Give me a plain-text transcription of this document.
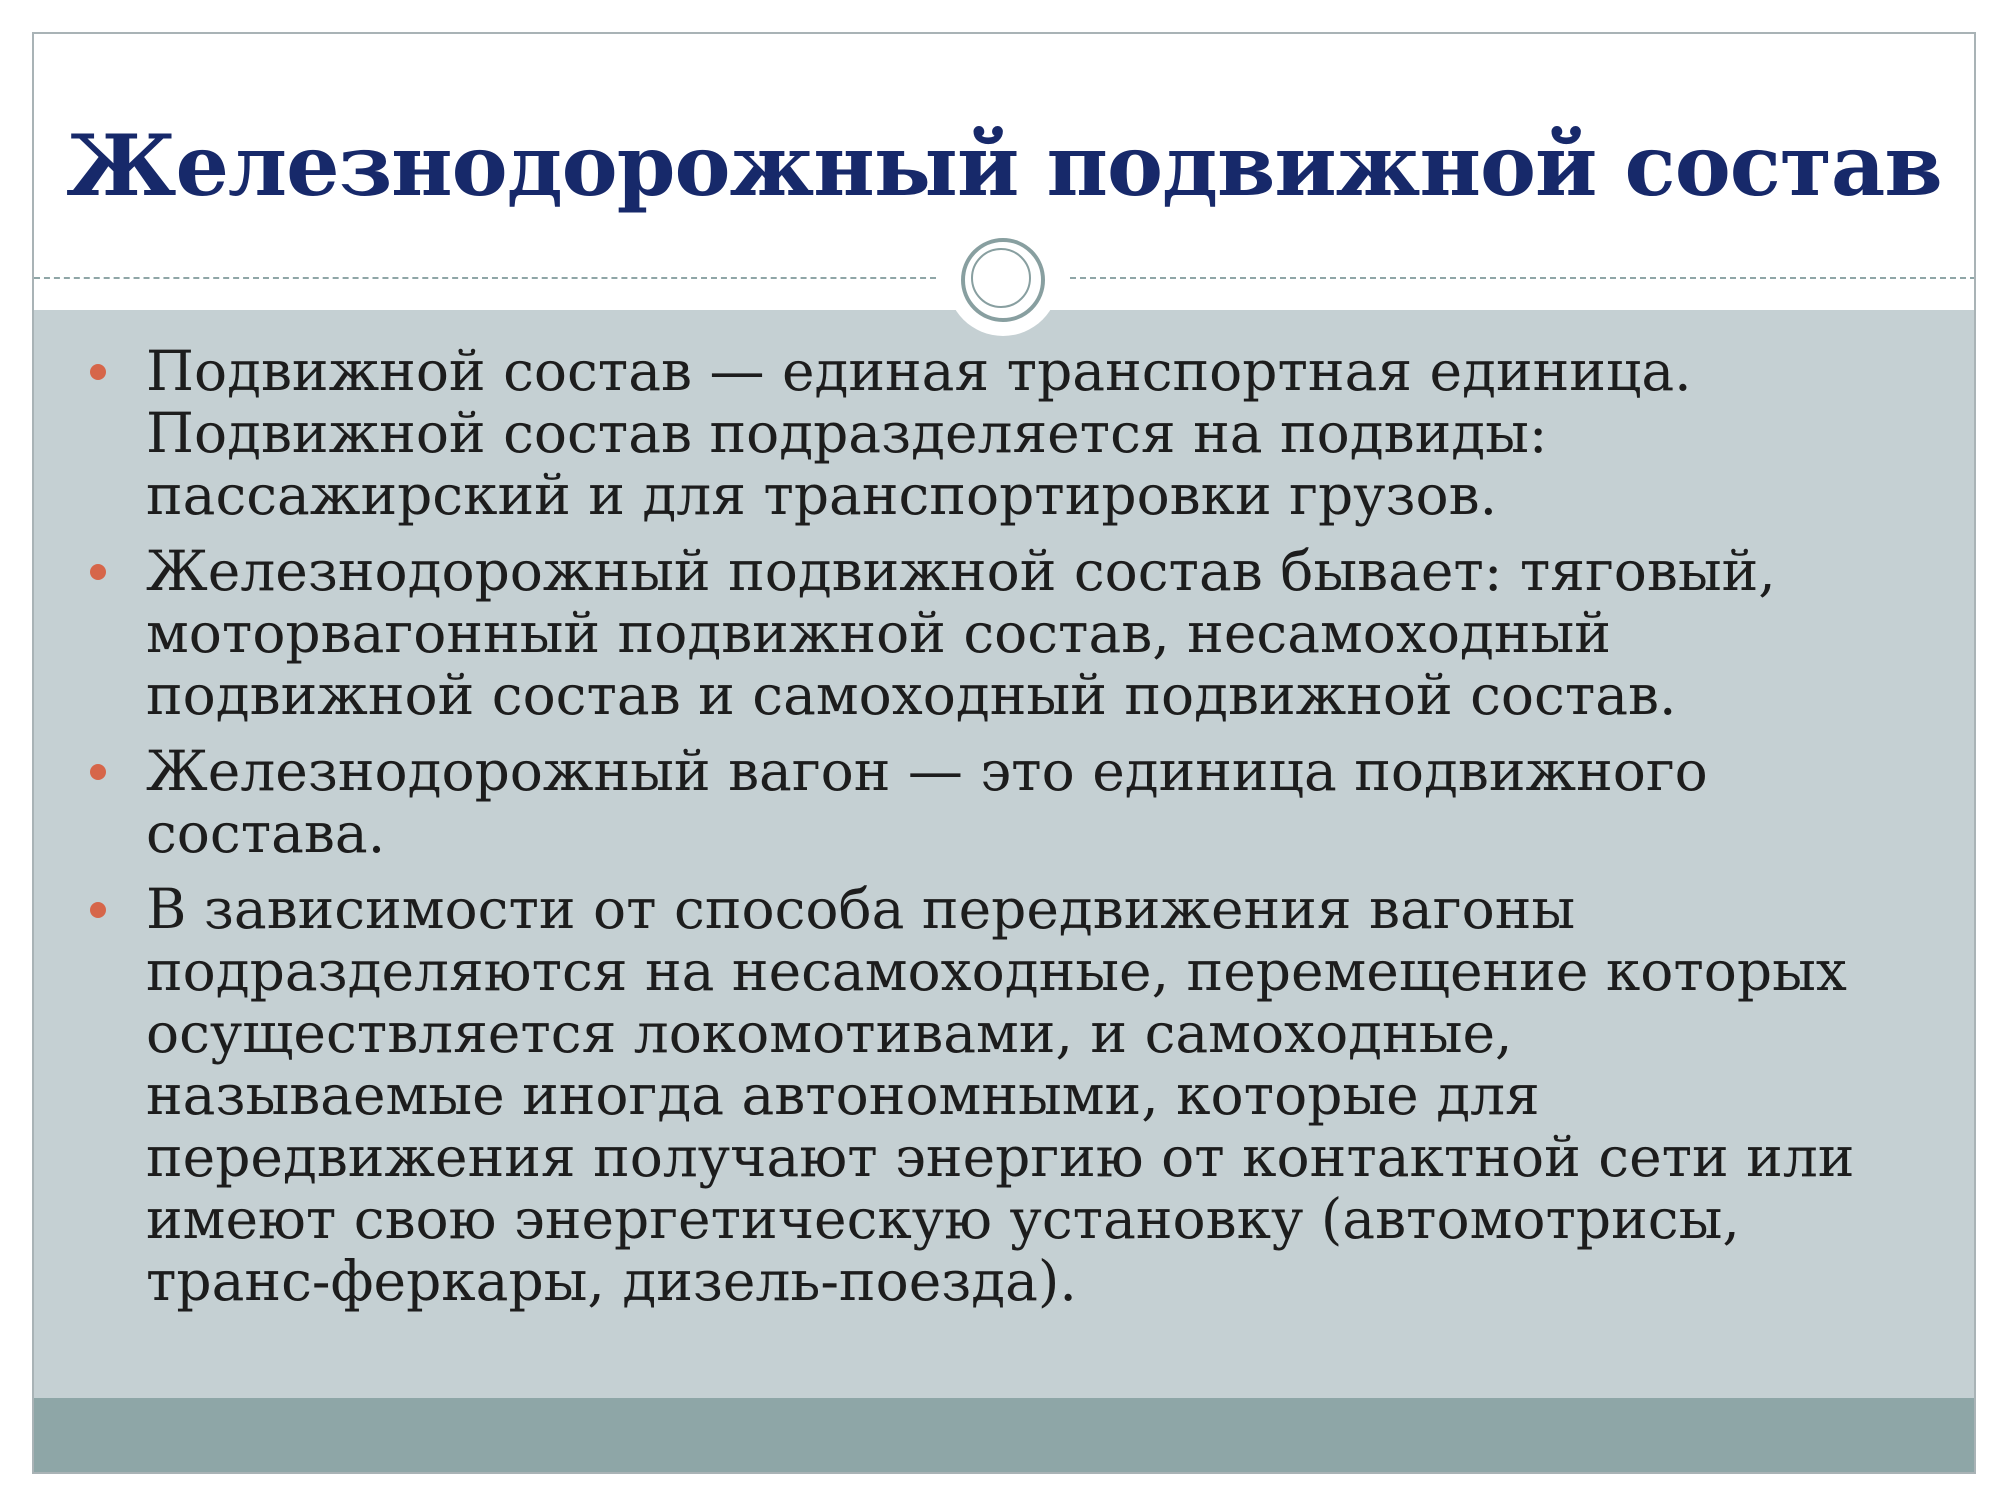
Железнодорожный подвижной состав
Подвижной состав — единая транспортная единица.
Подвижной состав подразделяется на подвиды:
пассажирский и для транспортировки грузов.
Железнодорожный подвижной состав бывает: тяговый,
моторвагонный подвижной состав, несамоходный
подвижной состав и самоходный подвижной состав.
Железнодорожный вагон — это единица подвижного
состава.
В зависимости от способа передвижения вагоны
подразделяются на несамоходные, перемещение которых
осуществляется локомотивами, и самоходные,
называемые иногда автономными, которые для
передвижения получают энергию от контактной сети или
имеют свою энергетическую установку (автомотрисы,
транс-феркары, дизель-поезда).
